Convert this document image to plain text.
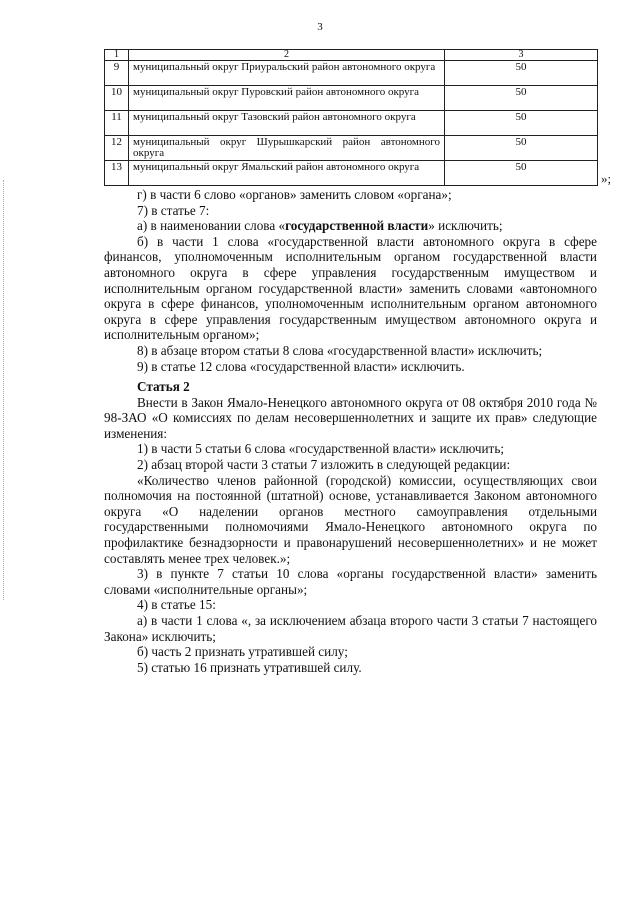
3
1	2	3
9	муниципальный округ Приуральский район автономного округа	50
10	муниципальный округ Пуровский район автономного округа	50
11	муниципальный округ Тазовский район автономного округа	50
12	муниципальный округ Шурышкарский район автономного округа	50
13	муниципальный округ Ямальский район автономного округа	50
»;

г) в части 6 слово «органов» заменить словом «органа»;

7) в статье 7:

а) в наименовании слова «государственной власти» исключить;

б) в части 1 слова «государственной власти автономного округа в сфере финансов, уполномоченным исполнительным органом государственной власти автономного округа в сфере управления государственным имуществом и исполнительным органом государственной власти» заменить словами «автономного округа в сфере финансов, уполномоченным исполнительным органом автономного округа в сфере управления государственным имуществом автономного округа и исполнительным органом»;

8) в абзаце втором статьи 8 слова «государственной власти» исключить;

9) в статье 12 слова «государственной власти» исключить.

Статья 2

Внести в Закон Ямало-Ненецкого автономного округа от 08 октября 2010 года № 98-ЗАО «О комиссиях по делам несовершеннолетних и защите их прав» следующие изменения:

1) в части 5 статьи 6 слова «государственной власти» исключить;

2) абзац второй части 3 статьи 7 изложить в следующей редакции:

«Количество членов районной (городской) комиссии, осуществляющих свои полномочия на постоянной (штатной) основе, устанавливается Законом автономного округа «О наделении органов местного самоуправления отдельными государственными полномочиями Ямало-Ненецкого автономного округа по профилактике безнадзорности и правонарушений несовершеннолетних» и не может составлять менее трех человек.»;

3) в пункте 7 статьи 10 слова «органы государственной власти» заменить словами «исполнительные органы»;

4) в статье 15:

а) в части 1 слова «, за исключением абзаца второго части 3 статьи 7 настоящего Закона» исключить;

б) часть 2 признать утратившей силу;

5) статью 16 признать утратившей силу.
